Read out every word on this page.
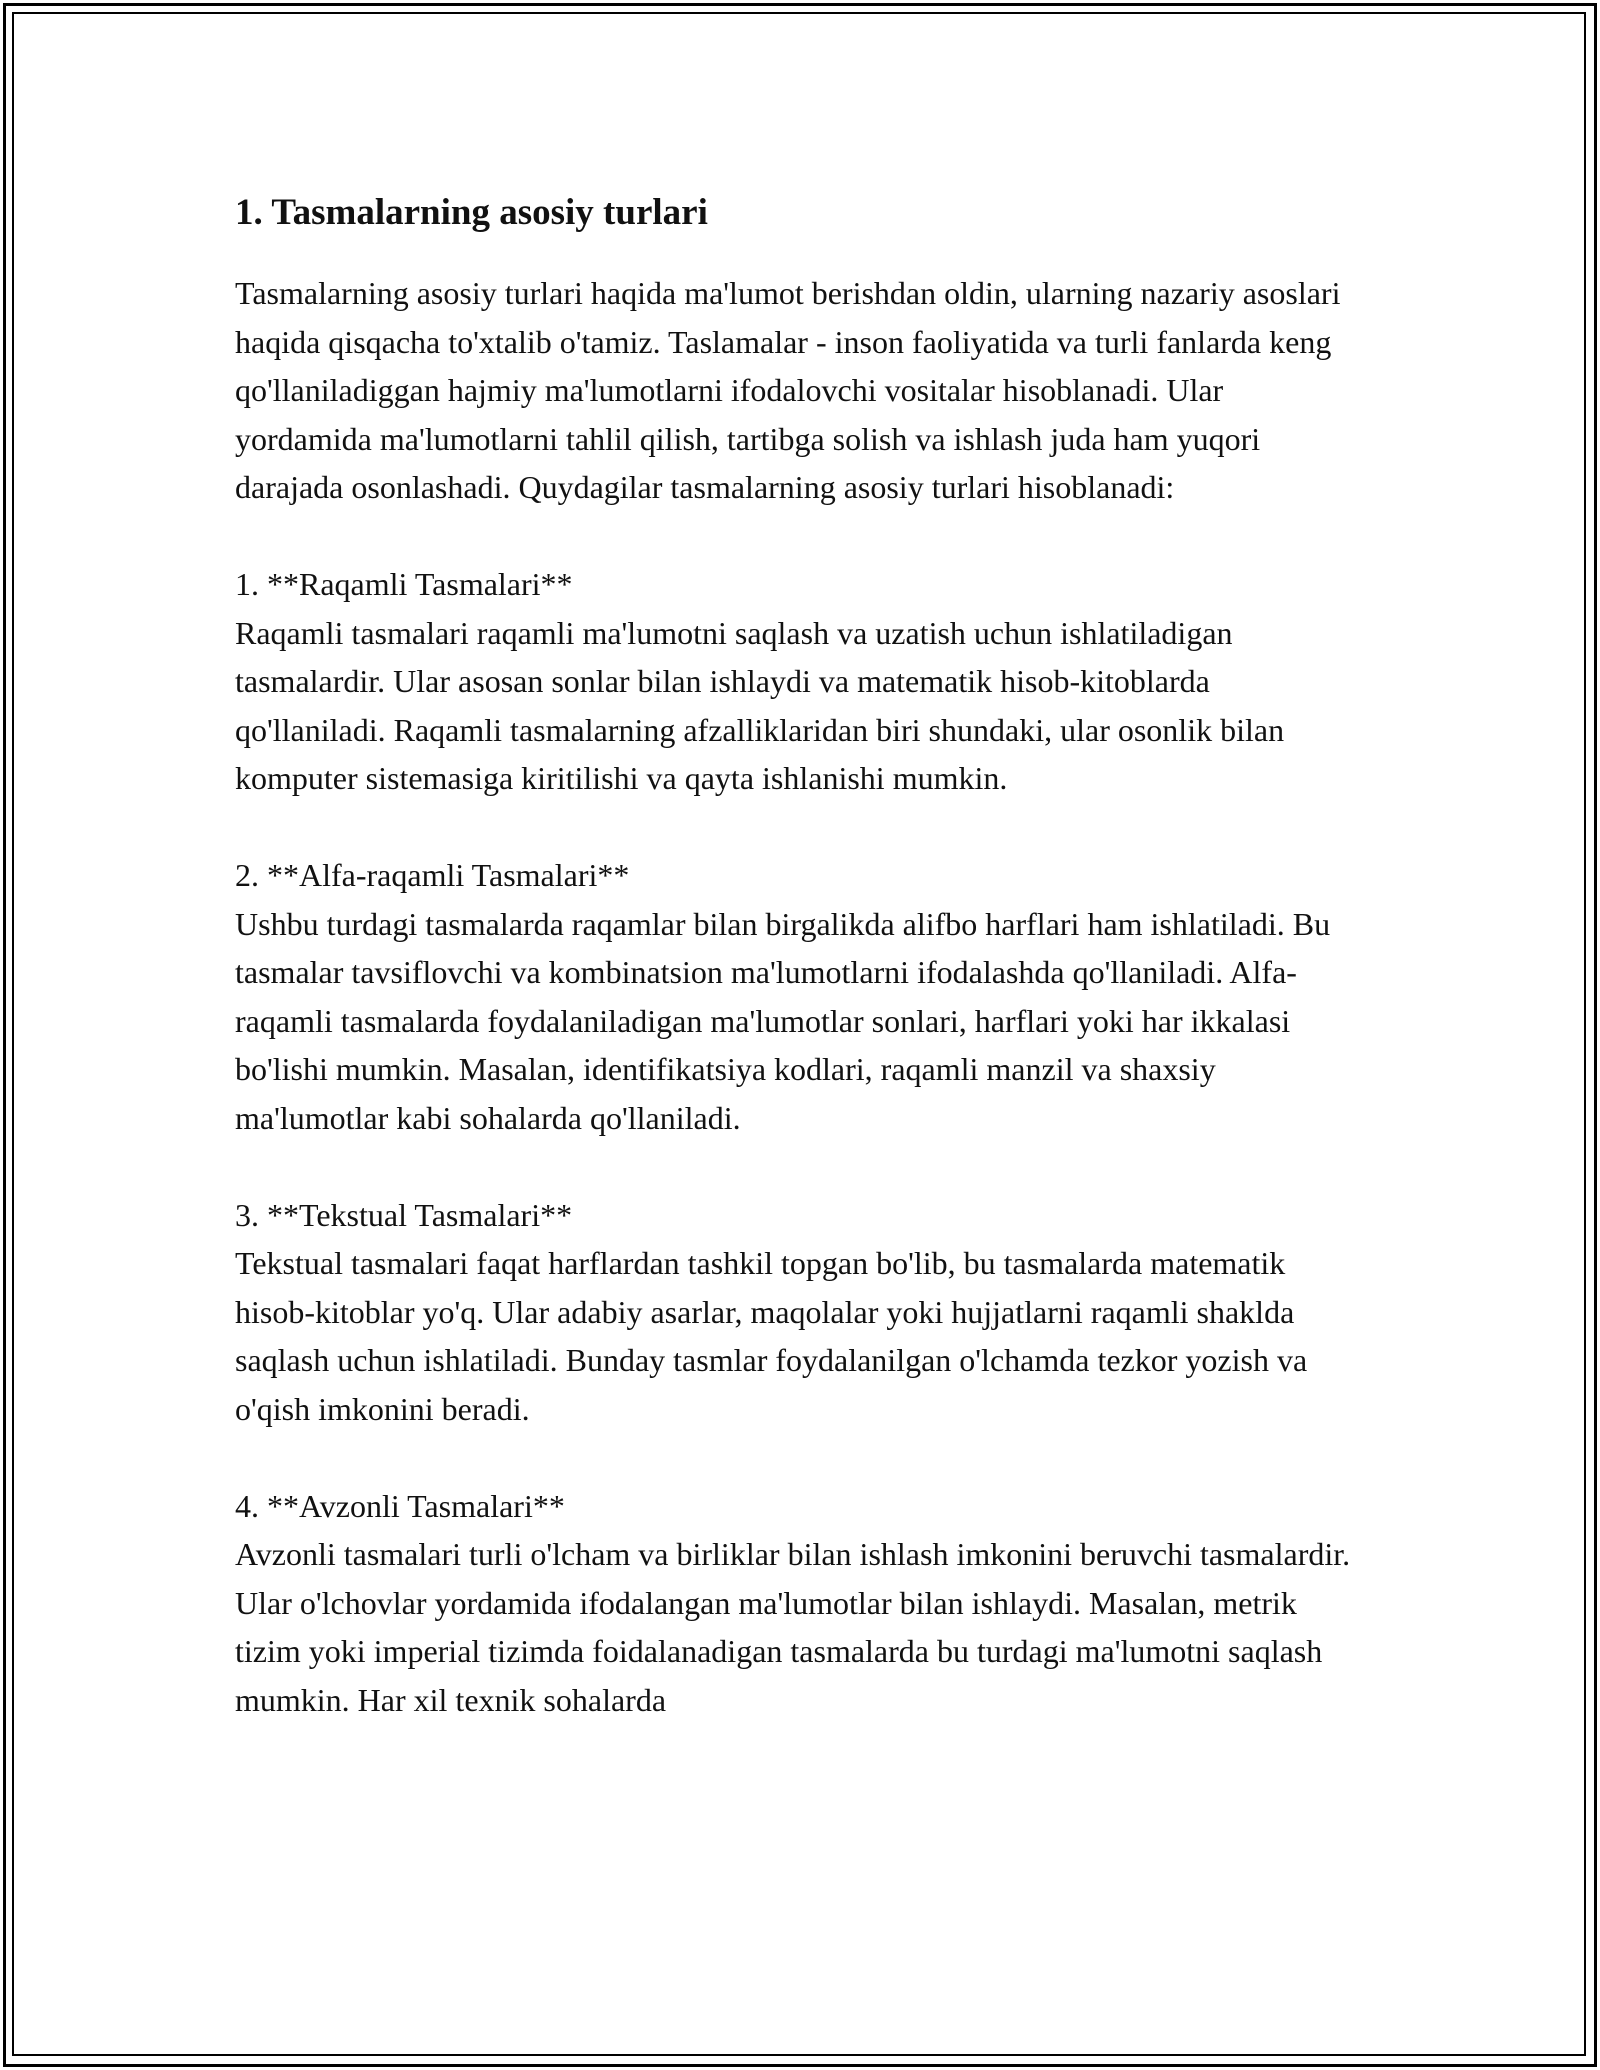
1. Tasmalarning asosiy turlari

Tasmalarning asosiy turlari haqida ma'lumot berishdan oldin, ularning nazariy asoslari haqida qisqacha to'xtalib o'tamiz. Taslamalar - inson faoliyatida va turli fanlarda keng qo'llaniladiggan hajmiy ma'lumotlarni ifodalovchi vositalar hisoblanadi. Ular yordamida ma'lumotlarni tahlil qilish, tartibga solish va ishlash juda ham yuqori darajada osonlashadi. Quydagilar tasmalarning asosiy turlari hisoblanadi:

1. **Raqamli Tasmalari**

Raqamli tasmalari raqamli ma'lumotni saqlash va uzatish uchun ishlatiladigan tasmalardir. Ular asosan sonlar bilan ishlaydi va matematik hisob-kitoblarda qo'llaniladi. Raqamli tasmalarning afzalliklaridan biri shundaki, ular osonlik bilan komputer sistemasiga kiritilishi va qayta ishlanishi mumkin.

2. **Alfa-raqamli Tasmalari**

Ushbu turdagi tasmalarda raqamlar bilan birgalikda alifbo harflari ham ishlatiladi. Bu tasmalar tavsiflovchi va kombinatsion ma'lumotlarni ifodalashda qo'llaniladi. Alfa-raqamli tasmalarda foydalaniladigan ma'lumotlar sonlari, harflari yoki har ikkalasi bo'lishi mumkin. Masalan, identifikatsiya kodlari, raqamli manzil va shaxsiy ma'lumotlar kabi sohalarda qo'llaniladi.

3. **Tekstual Tasmalari**

Tekstual tasmalari faqat harflardan tashkil topgan bo'lib, bu tasmalarda matematik hisob-kitoblar yo'q. Ular adabiy asarlar, maqolalar yoki hujjatlarni raqamli shaklda saqlash uchun ishlatiladi. Bunday tasmlar foydalanilgan o'lchamda tezkor yozish va o'qish imkonini beradi.

4. **Avzonli Tasmalari**

Avzonli tasmalari turli o'lcham va birliklar bilan ishlash imkonini beruvchi tasmalardir. Ular o'lchovlar yordamida ifodalangan ma'lumotlar bilan ishlaydi. Masalan, metrik tizim yoki imperial tizimda foidalanadigan tasmalarda bu turdagi ma'lumotni saqlash mumkin. Har xil texnik sohalarda
